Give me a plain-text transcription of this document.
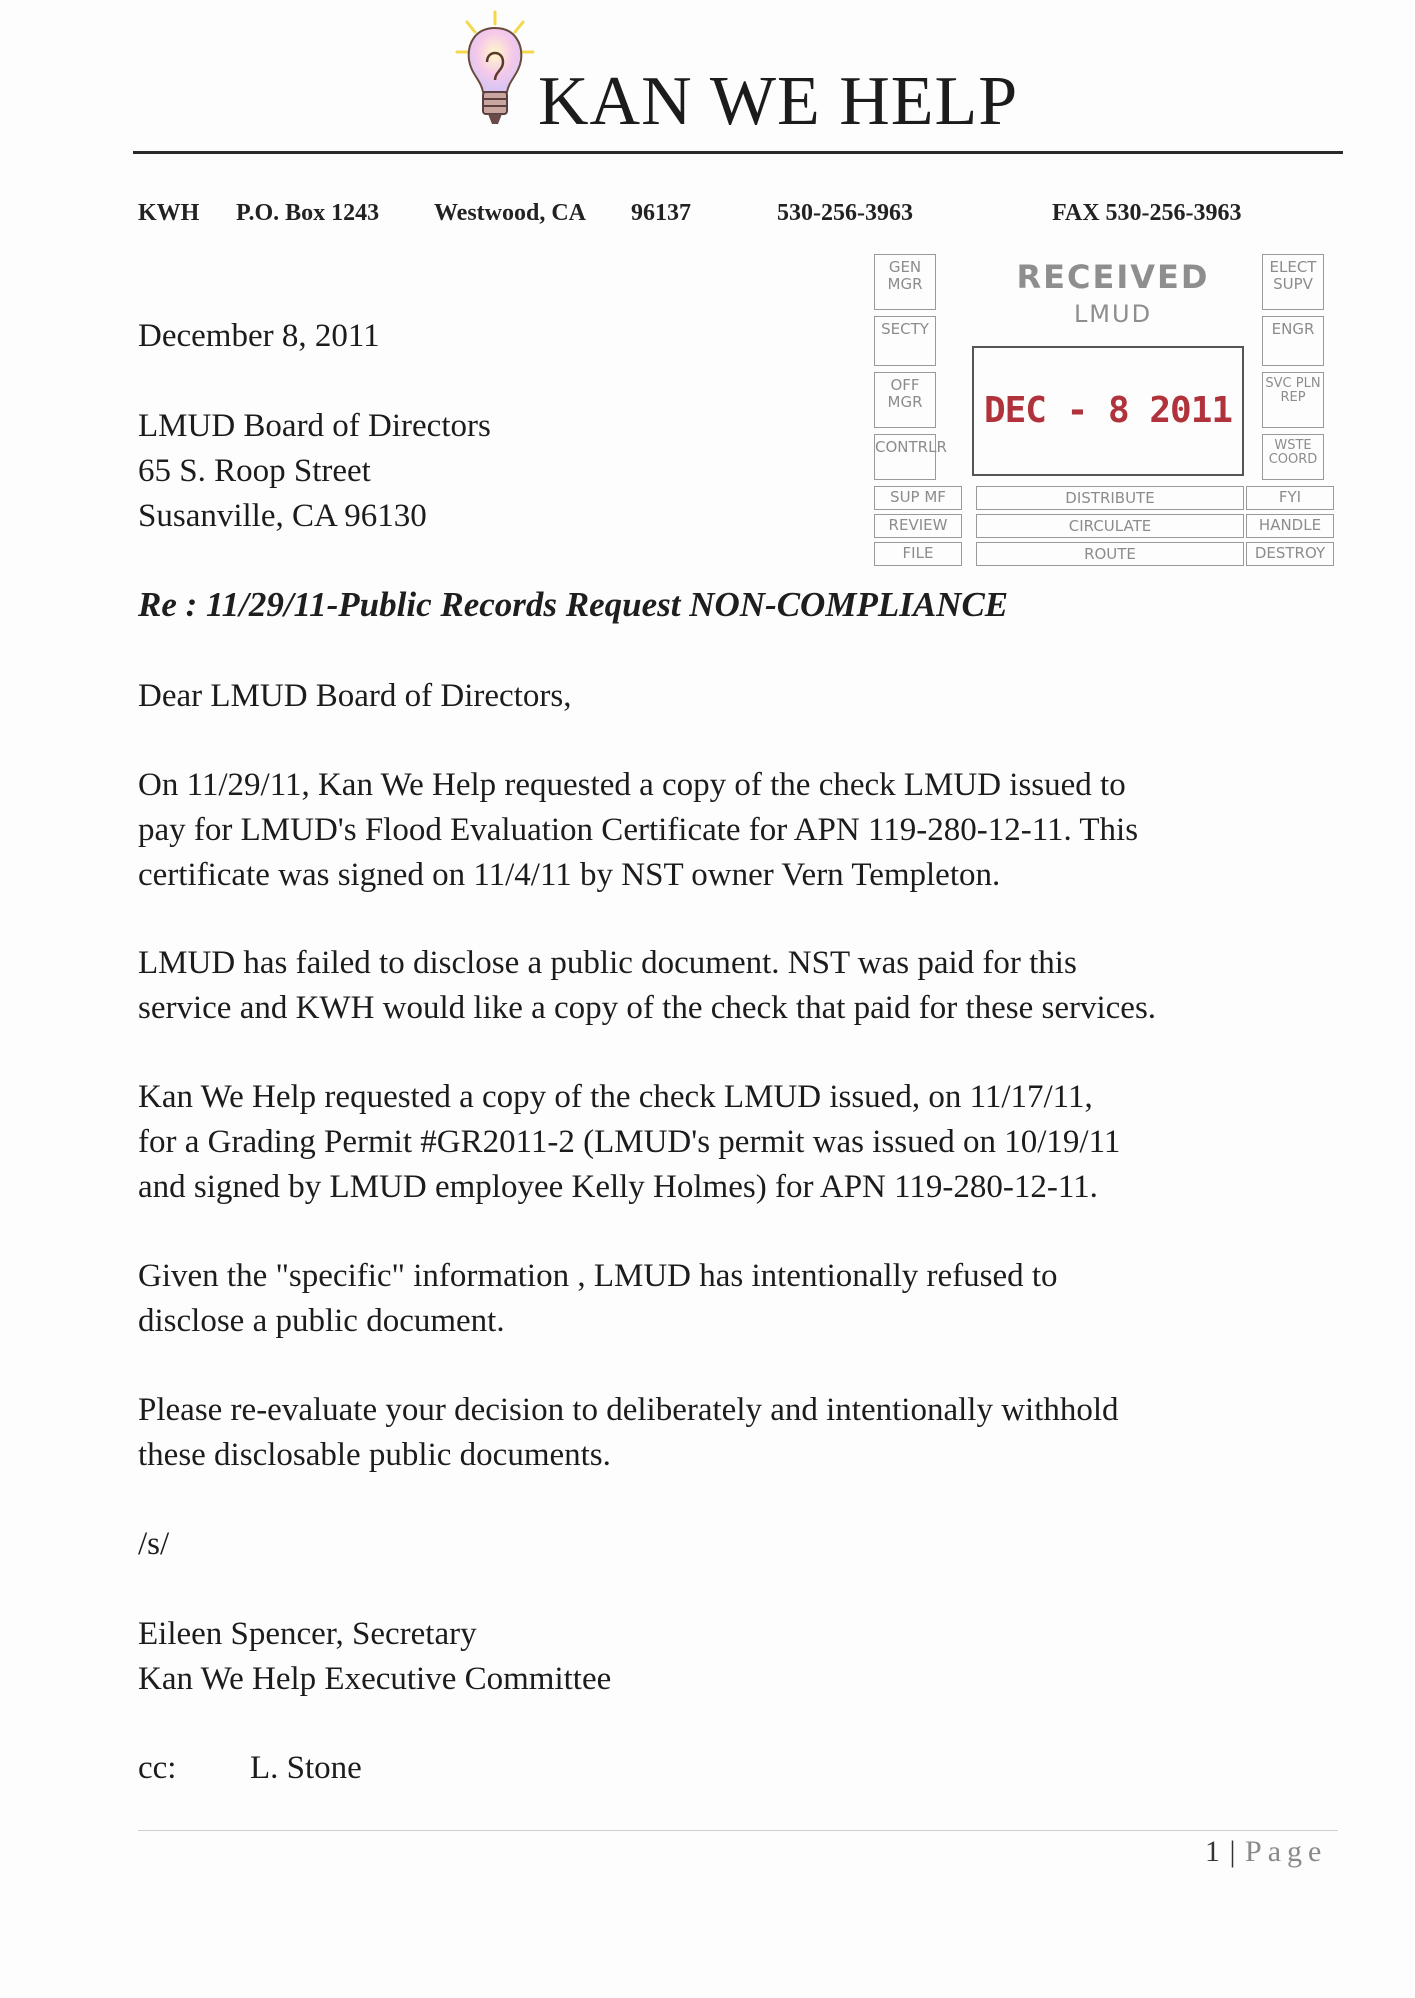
KAN WE HELP
KWH P.O. Box 1243 Westwood, CA 96137	530-256-3963	FAX 530-256-3963
GEN MGR
SECTY
OFF MGR
CONTRLR
SUP MF
REVIEW
FILE
RECEIVED
LMUD
DEC - 8 2011
DISTRIBUTE
CIRCULATE
ROUTE
ELECT SUPV
ENGR
SVC PLN REP
WSTE COORD
FYI
HANDLE
DESTROY
December 8, 2011
LMUD Board of Directors
65 S. Roop Street
Susanville, CA 96130
Re : 11/29/11-Public Records Request NON-COMPLIANCE
Dear LMUD Board of Directors,
On 11/29/11, Kan We Help requested a copy of the check LMUD issued to
pay for LMUD's Flood Evaluation Certificate for APN 119-280-12-11. This
certificate was signed on 11/4/11 by NST owner Vern Templeton.
LMUD has failed to disclose a public document. NST was paid for this
service and KWH would like a copy of the check that paid for these services.
Kan We Help requested a copy of the check LMUD issued, on 11/17/11,
for a Grading Permit #GR2011-2 (LMUD's permit was issued on 10/19/11
and signed by LMUD employee Kelly Holmes) for APN 119-280-12-11.
Given the "specific" information , LMUD has intentionally refused to
disclose a public document.
Please re-evaluate your decision to deliberately and intentionally withhold
these disclosable public documents.
/s/
Eileen Spencer, Secretary
Kan We Help Executive Committee
cc: L. Stone
1 | Page
